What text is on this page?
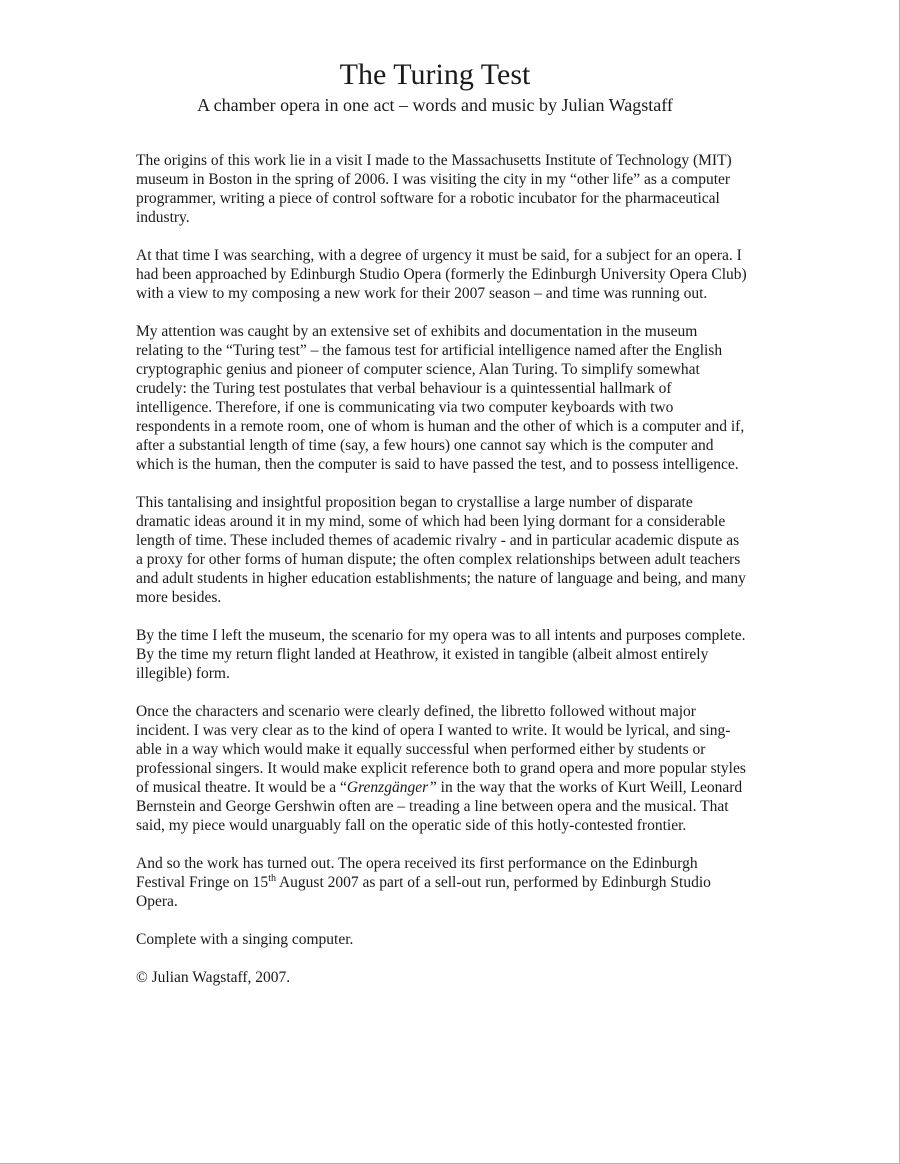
The Turing Test

A chamber opera in one act – words and music by Julian Wagstaff

The origins of this work lie in a visit I made to the Massachusetts Institute of Technology (MIT) museum in Boston in the spring of 2006. I was visiting the city in my “other life” as a computer programmer, writing a piece of control software for a robotic incubator for the pharmaceutical industry.

At that time I was searching, with a degree of urgency it must be said, for a subject for an opera. I had been approached by Edinburgh Studio Opera (formerly the Edinburgh University Opera Club) with a view to my composing a new work for their 2007 season – and time was running out.

My attention was caught by an extensive set of exhibits and documentation in the museum relating to the “Turing test” – the famous test for artificial intelligence named after the English cryptographic genius and pioneer of computer science, Alan Turing. To simplify somewhat crudely: the Turing test postulates that verbal behaviour is a quintessential hallmark of intelligence. Therefore, if one is communicating via two computer keyboards with two respondents in a remote room, one of whom is human and the other of which is a computer and if, after a substantial length of time (say, a few hours) one cannot say which is the computer and which is the human, then the computer is said to have passed the test, and to possess intelligence.

This tantalising and insightful proposition began to crystallise a large number of disparate dramatic ideas around it in my mind, some of which had been lying dormant for a considerable length of time. These included themes of academic rivalry - and in particular academic dispute as a proxy for other forms of human dispute; the often complex relationships between adult teachers and adult students in higher education establishments; the nature of language and being, and many more besides.

By the time I left the museum, the scenario for my opera was to all intents and purposes complete. By the time my return flight landed at Heathrow, it existed in tangible (albeit almost entirely illegible) form.

Once the characters and scenario were clearly defined, the libretto followed without major incident. I was very clear as to the kind of opera I wanted to write. It would be lyrical, and sing-able in a way which would make it equally successful when performed either by students or professional singers. It would make explicit reference both to grand opera and more popular styles of musical theatre. It would be a “Grenzgänger” in the way that the works of Kurt Weill, Leonard Bernstein and George Gershwin often are – treading a line between opera and the musical. That said, my piece would unarguably fall on the operatic side of this hotly-contested frontier.

And so the work has turned out. The opera received its first performance on the Edinburgh Festival Fringe on 15th August 2007 as part of a sell-out run, performed by Edinburgh Studio Opera.

Complete with a singing computer.

© Julian Wagstaff, 2007.
